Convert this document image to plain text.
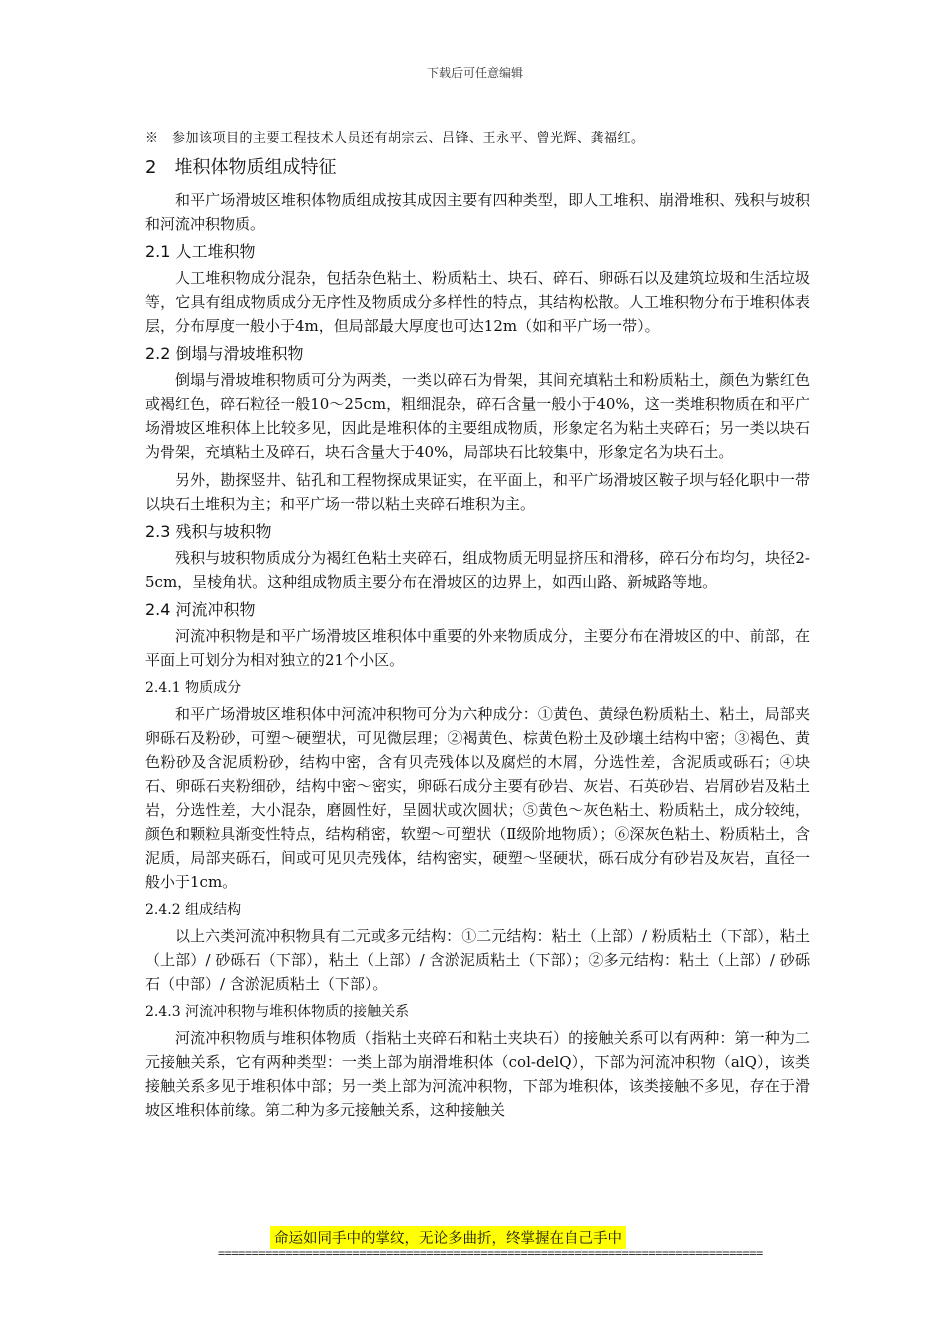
下载后可任意编辑
※　参加该项目的主要工程技术人员还有胡宗云、吕锋、王永平、曾光辉、龚福红。
2　堆积体物质组成特征
和平广场滑坡区堆积体物质组成按其成因主要有四种类型，即人工堆积、崩滑堆积、残积与坡积和河流冲积物质。
2.1 人工堆积物
人工堆积物成分混杂，包括杂色粘土、粉质粘土、块石、碎石、卵砾石以及建筑垃圾和生活垃圾等，它具有组成物质成分无序性及物质成分多样性的特点，其结构松散。人工堆积物分布于堆积体表层，分布厚度一般小于4m，但局部最大厚度也可达12m（如和平广场一带）。
2.2 倒塌与滑坡堆积物
倒塌与滑坡堆积物质可分为两类，一类以碎石为骨架，其间充填粘土和粉质粘土，颜色为紫红色或褐红色，碎石粒径一般10～25cm，粗细混杂，碎石含量一般小于40%，这一类堆积物质在和平广场滑坡区堆积体上比较多见，因此是堆积体的主要组成物质，形象定名为粘土夹碎石；另一类以块石为骨架，充填粘土及碎石，块石含量大于40%，局部块石比较集中，形象定名为块石土。
另外，勘探竖井、钻孔和工程物探成果证实，在平面上，和平广场滑坡区鞍子坝与轻化职中一带以块石土堆积为主；和平广场一带以粘土夹碎石堆积为主。
2.3 残积与坡积物
残积与坡积物质成分为褐红色粘土夹碎石，组成物质无明显挤压和滑移，碎石分布均匀，块径2-5cm，呈棱角状。这种组成物质主要分布在滑坡区的边界上，如西山路、新城路等地。
2.4 河流冲积物
河流冲积物是和平广场滑坡区堆积体中重要的外来物质成分，主要分布在滑坡区的中、前部，在平面上可划分为相对独立的21个小区。
2.4.1 物质成分
和平广场滑坡区堆积体中河流冲积物可分为六种成分：①黄色、黄绿色粉质粘土、粘土，局部夹卵砾石及粉砂，可塑～硬塑状，可见微层理；②褐黄色、棕黄色粉土及砂壤土结构中密；③褐色、黄色粉砂及含泥质粉砂，结构中密，含有贝壳残体以及腐烂的木屑，分选性差，含泥质或砾石；④块石、卵砾石夹粉细砂，结构中密～密实，卵砾石成分主要有砂岩、灰岩、石英砂岩、岩屑砂岩及粘土岩，分选性差，大小混杂，磨圆性好，呈圆状或次圆状；⑤黄色～灰色粘土、粉质粘土，成分较纯，颜色和颗粒具渐变性特点，结构稍密，软塑～可塑状（Ⅱ级阶地物质）；⑥深灰色粘土、粉质粘土，含泥质，局部夹砾石，间或可见贝壳残体，结构密实，硬塑～坚硬状，砾石成分有砂岩及灰岩，直径一般小于1cm。
2.4.2 组成结构
以上六类河流冲积物具有二元或多元结构：①二元结构：粘土（上部）/ 粉质粘土（下部），粘土（上部）/ 砂砾石（下部），粘土（上部）/ 含淤泥质粘土（下部）；②多元结构：粘土（上部）/ 砂砾石（中部）/ 含淤泥质粘土（下部）。
2.4.3 河流冲积物与堆积体物质的接触关系
河流冲积物质与堆积体物质（指粘土夹碎石和粘土夹块石）的接触关系可以有两种：第一种为二元接触关系，它有两种类型：一类上部为崩滑堆积体（col-delQ），下部为河流冲积物（alQ），该类接触关系多见于堆积体中部；另一类上部为河流冲积物，下部为堆积体，该类接触不多见，存在于滑坡区堆积体前缘。第二种为多元接触关系，这种接触关
命运如同手中的掌纹，无论多曲折，终掌握在自己手中
=================================================================================
